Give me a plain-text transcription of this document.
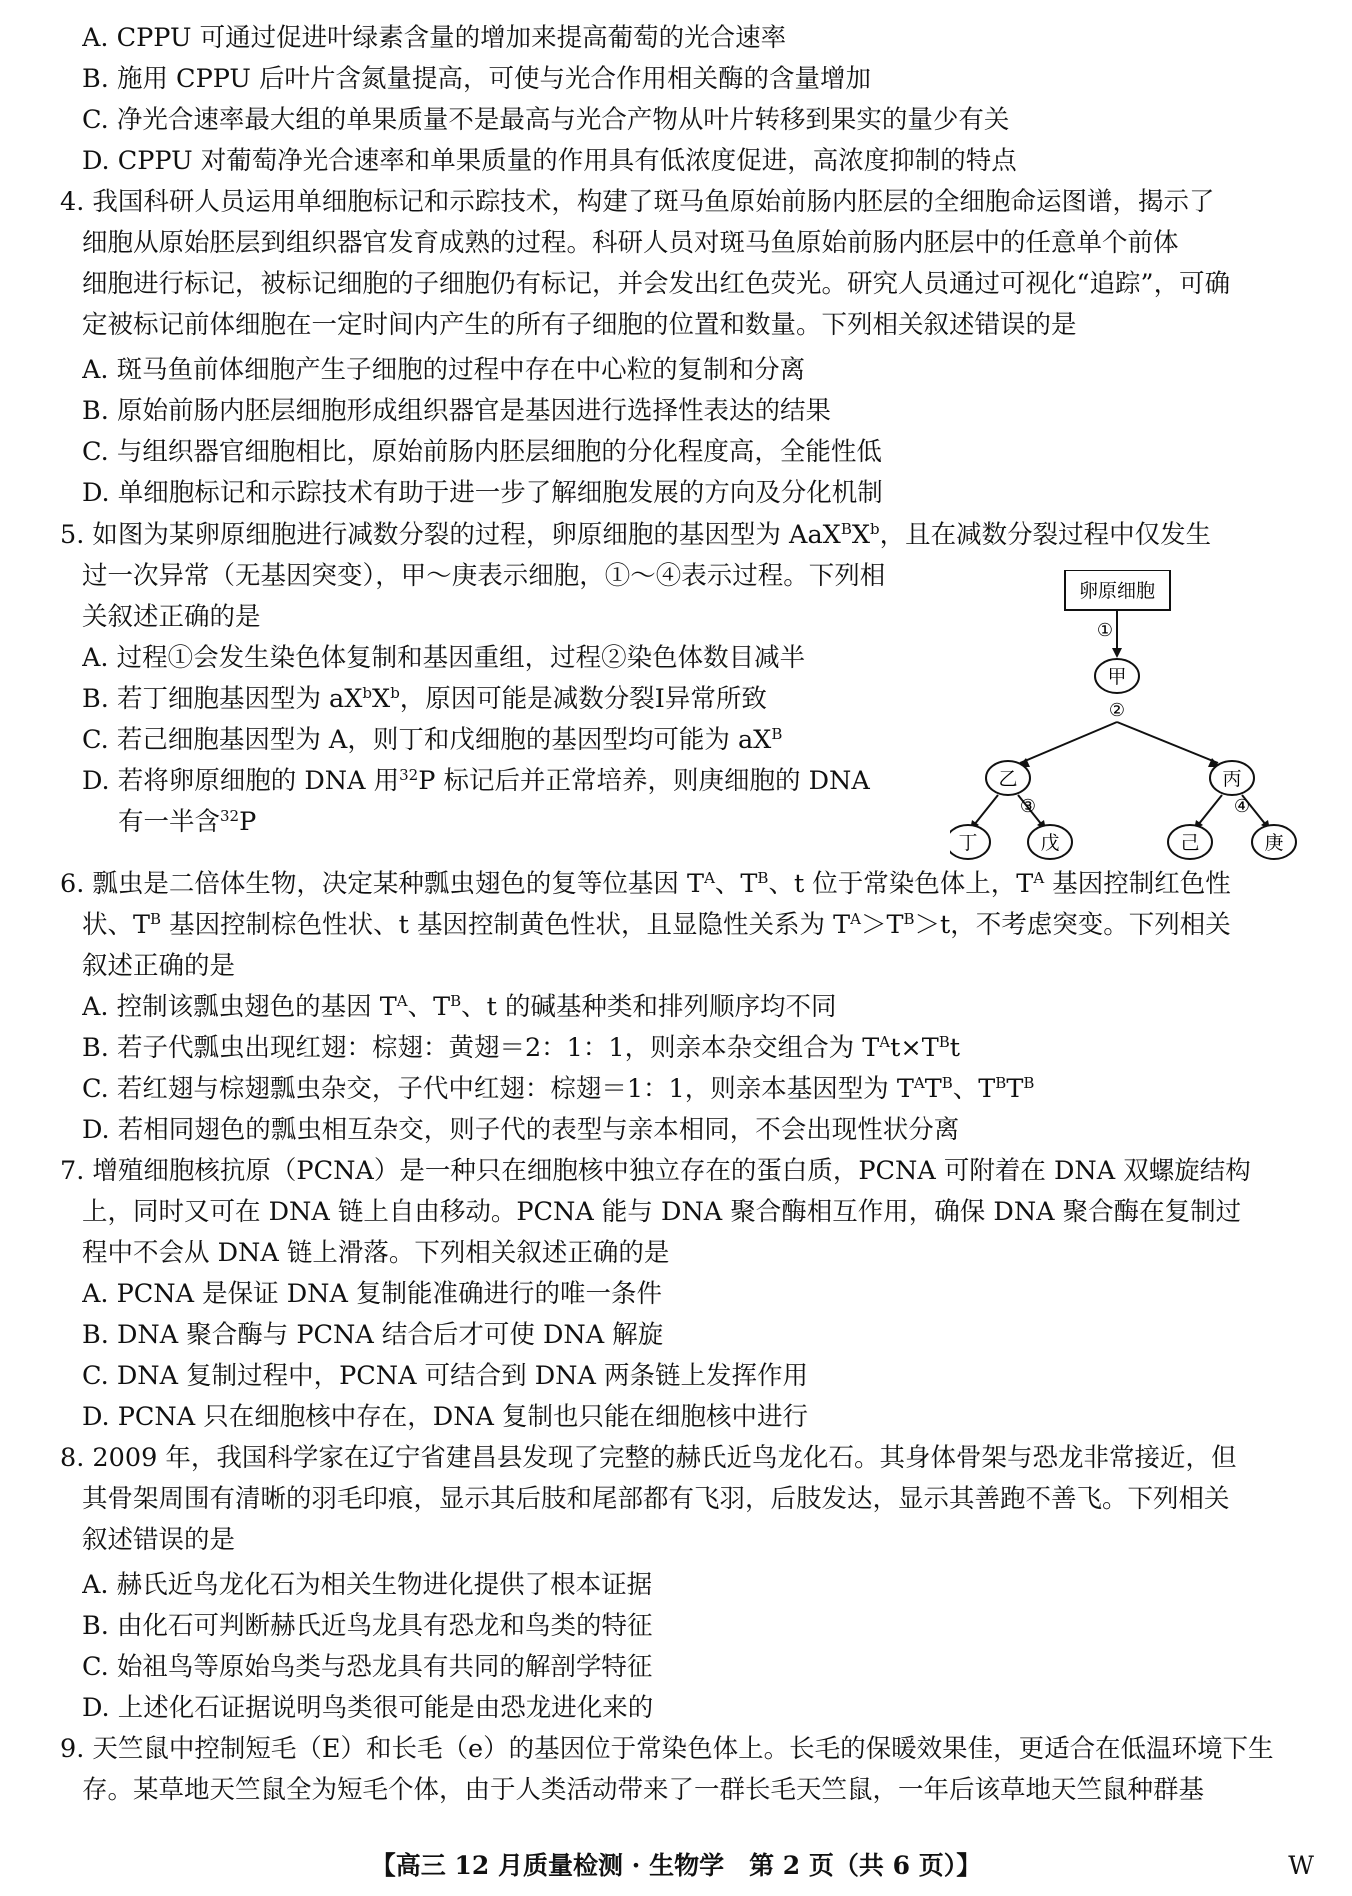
A. CPPU 可通过促进叶绿素含量的增加来提高葡萄的光合速率
B. 施用 CPPU 后叶片含氮量提高，可使与光合作用相关酶的含量增加
C. 净光合速率最大组的单果质量不是最高与光合产物从叶片转移到果实的量少有关
D. CPPU 对葡萄净光合速率和单果质量的作用具有低浓度促进，高浓度抑制的特点
4. 我国科研人员运用单细胞标记和示踪技术，构建了斑马鱼原始前肠内胚层的全细胞命运图谱，揭示了
细胞从原始胚层到组织器官发育成熟的过程。科研人员对斑马鱼原始前肠内胚层中的任意单个前体
细胞进行标记，被标记细胞的子细胞仍有标记，并会发出红色荧光。研究人员通过可视化“追踪”，可确
定被标记前体细胞在一定时间内产生的所有子细胞的位置和数量。下列相关叙述错误的是
A. 斑马鱼前体细胞产生子细胞的过程中存在中心粒的复制和分离
B. 原始前肠内胚层细胞形成组织器官是基因进行选择性表达的结果
C. 与组织器官细胞相比，原始前肠内胚层细胞的分化程度高，全能性低
D. 单细胞标记和示踪技术有助于进一步了解细胞发展的方向及分化机制
5. 如图为某卵原细胞进行减数分裂的过程，卵原细胞的基因型为 $AaX^BX^b$，且在减数分裂过程中仅发生
过一次异常（无基因突变），甲～庚表示细胞，①～④表示过程。下列相
关叙述正确的是
A. 过程①会发生染色体复制和基因重组，过程②染色体数目减半
B. 若丁细胞基因型为 $aX^bX^b$，原因可能是减数分裂Ⅰ异常所致
C. 若己细胞基因型为 A，则丁和戊细胞的基因型均可能为 $aX^B$
D. 若将卵原细胞的 DNA 用$^{32}$P 标记后并正常培养，则庚细胞的 DNA
有一半含$^{32}$P
卵原细胞
①
甲
②
乙	丙
③	④
丁	戊	己	庚
6. 瓢虫是二倍体生物，决定某种瓢虫翅色的复等位基因 $T^A$、$T^B$、t 位于常染色体上，$T^A$ 基因控制红色性
状、$T^B$ 基因控制棕色性状、t 基因控制黄色性状，且显隐性关系为 $T^A>T^B>t$，不考虑突变。下列相关
叙述正确的是
A. 控制该瓢虫翅色的基因 $T^A$、$T^B$、t 的碱基种类和排列顺序均不同
B. 若子代瓢虫出现红翅：棕翅：黄翅＝2：1：1，则亲本杂交组合为 $T^At\times T^Bt$
C. 若红翅与棕翅瓢虫杂交，子代中红翅：棕翅＝1：1，则亲本基因型为 $T^AT^B$、$T^BT^B$
D. 若相同翅色的瓢虫相互杂交，则子代的表型与亲本相同，不会出现性状分离
7. 增殖细胞核抗原（PCNA）是一种只在细胞核中独立存在的蛋白质，PCNA 可附着在 DNA 双螺旋结构
上，同时又可在 DNA 链上自由移动。PCNA 能与 DNA 聚合酶相互作用，确保 DNA 聚合酶在复制过
程中不会从 DNA 链上滑落。下列相关叙述正确的是
A. PCNA 是保证 DNA 复制能准确进行的唯一条件
B. DNA 聚合酶与 PCNA 结合后才可使 DNA 解旋
C. DNA 复制过程中，PCNA 可结合到 DNA 两条链上发挥作用
D. PCNA 只在细胞核中存在，DNA 复制也只能在细胞核中进行
8. 2009 年，我国科学家在辽宁省建昌县发现了完整的赫氏近鸟龙化石。其身体骨架与恐龙非常接近，但
其骨架周围有清晰的羽毛印痕，显示其后肢和尾部都有飞羽，后肢发达，显示其善跑不善飞。下列相关
叙述错误的是
A. 赫氏近鸟龙化石为相关生物进化提供了根本证据
B. 由化石可判断赫氏近鸟龙具有恐龙和鸟类的特征
C. 始祖鸟等原始鸟类与恐龙具有共同的解剖学特征
D. 上述化石证据说明鸟类很可能是由恐龙进化来的
9. 天竺鼠中控制短毛（E）和长毛（e）的基因位于常染色体上。长毛的保暖效果佳，更适合在低温环境下生
存。某草地天竺鼠全为短毛个体，由于人类活动带来了一群长毛天竺鼠，一年后该草地天竺鼠种群基
【高三 12 月质量检测 · 生物学　第 2 页（共 6 页）】	W
